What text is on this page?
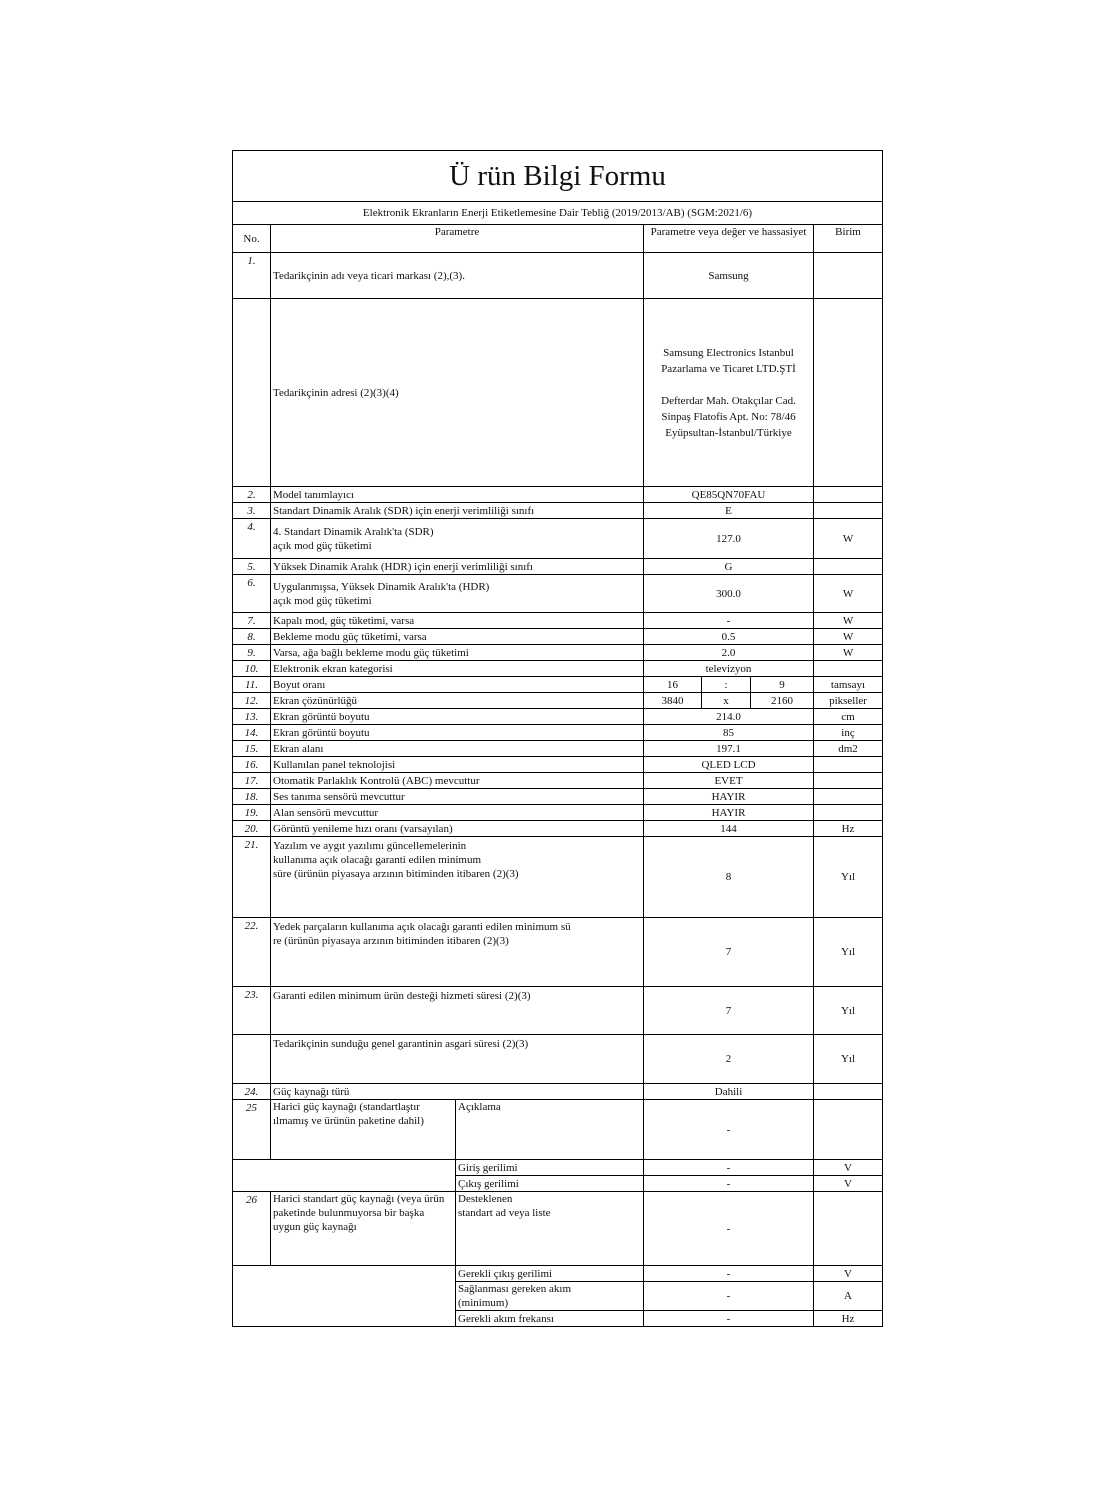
Ü rün Bilgi Formu						
Elektronik Ekranların Enerji Etiketlemesine Dair Tebliğ (2019/2013/AB) (SGM:2021/6)						
No.	Parametre		Parametre veya değer ve hassasiyet			Birim
1.	Tedarikçinin adı veya ticari markası (2),(3).		Samsung			
	Tedarikçinin adresi (2)(3)(4)		Samsung Electronics Istanbul
Pazarlama ve Ticaret LTD.ŞTİ

Defterdar Mah. Otakçılar Cad.
Sinpaş Flatofis Apt. No: 78/46
Eyüpsultan-İstanbul/Türkiye			
2.	Model tanımlayıcı		QE85QN70FAU			
3.	Standart Dinamik Aralık (SDR) için enerji verimliliği sınıfı		E			
4.	4. Standart Dinamik Aralık'ta (SDR)
açık mod güç tüketimi		127.0			W
5.	Yüksek Dinamik Aralık (HDR) için enerji verimliliği sınıfı		G			
6.	Uygulanmışsa, Yüksek Dinamik Aralık'ta (HDR)
açık mod güç tüketimi		300.0			W
7.	Kapalı mod, güç tüketimi, varsa		-			W
8.	Bekleme modu güç tüketimi, varsa		0.5			W
9.	Varsa, ağa bağlı bekleme modu güç tüketimi		2.0			W
10.	Elektronik ekran kategorisi		televizyon			
11.	Boyut oranı		16	:	9	tamsayı
12.	Ekran çözünürlüğü		3840	x	2160	pikseller
13.	Ekran görüntü boyutu		214.0			cm
14.	Ekran görüntü boyutu		85			inç
15.	Ekran alanı		197.1			dm2
16.	Kullanılan panel teknolojisi		QLED LCD			
17.	Otomatik Parlaklık Kontrolü (ABC) mevcuttur		EVET			
18.	Ses tanıma sensörü mevcuttur		HAYIR			
19.	Alan sensörü mevcuttur		HAYIR			
20.	Görüntü yenileme hızı oranı (varsayılan)		144			Hz
21.	Yazılım ve aygıt yazılımı güncellemelerinin
kullanıma açık olacağı garanti edilen minimum
süre (ürünün piyasaya arzının bitiminden itibaren (2)(3)		8			Yıl
22.	Yedek parçaların kullanıma açık olacağı garanti edilen minimum sü
re (ürünün piyasaya arzının bitiminden itibaren (2)(3)		7			Yıl
23.	Garanti edilen minimum ürün desteği hizmeti süresi (2)(3)		7			Yıl
	Tedarikçinin sunduğu genel garantinin asgari süresi (2)(3)		2			Yıl
24.	Güç kaynağı türü		Dahili			
25	Harici güç kaynağı (standartlaştır ılmamış ve ürünün paketine dahil)	Açıklama	-			
		Giriş gerilimi	-			V
		Çıkış gerilimi	-			V
26	Harici standart güç kaynağı (veya ürün paketinde bulunmuyorsa bir başka uygun güç kaynağı	Desteklenen
standart ad veya liste	-			
		Gerekli çıkış gerilimi	-			V
		Sağlanması gereken akım
(minimum)	-			A
		Gerekli akım frekansı	-			Hz
